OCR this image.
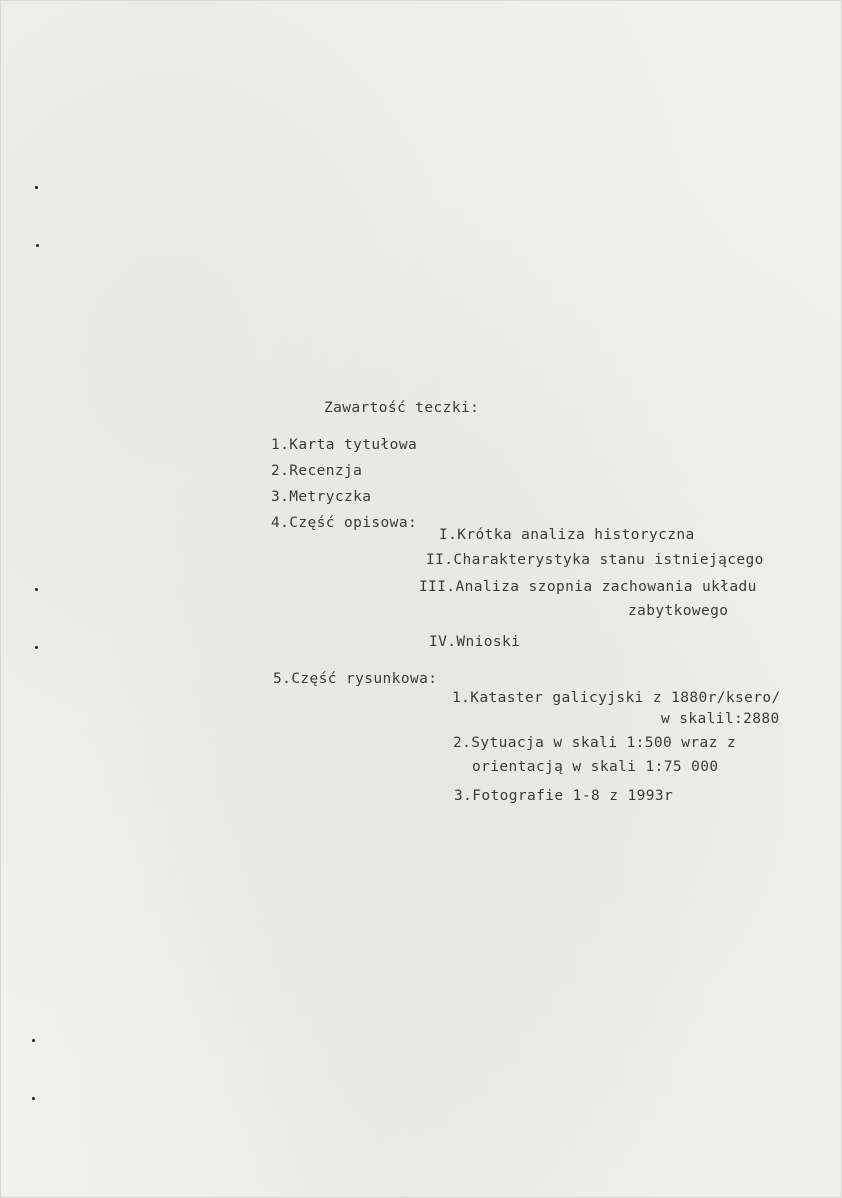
Zawartość teczki:
1.Karta tytułowa
2.Recenzja
3.Metryczka
4.Część opisowa:
I.Krótka analiza historyczna
II.Charakterystyka stanu istniejącego
III.Analiza szopnia zachowania układu
zabytkowego
IV.Wnioski
5.Część rysunkowa:
1.Kataster galicyjski z 1880r/ksero/
w skalil:2880
2.Sytuacja w skali 1:500 wraz z
orientacją w skali 1:75 000
3.Fotografie 1-8 z 1993r
